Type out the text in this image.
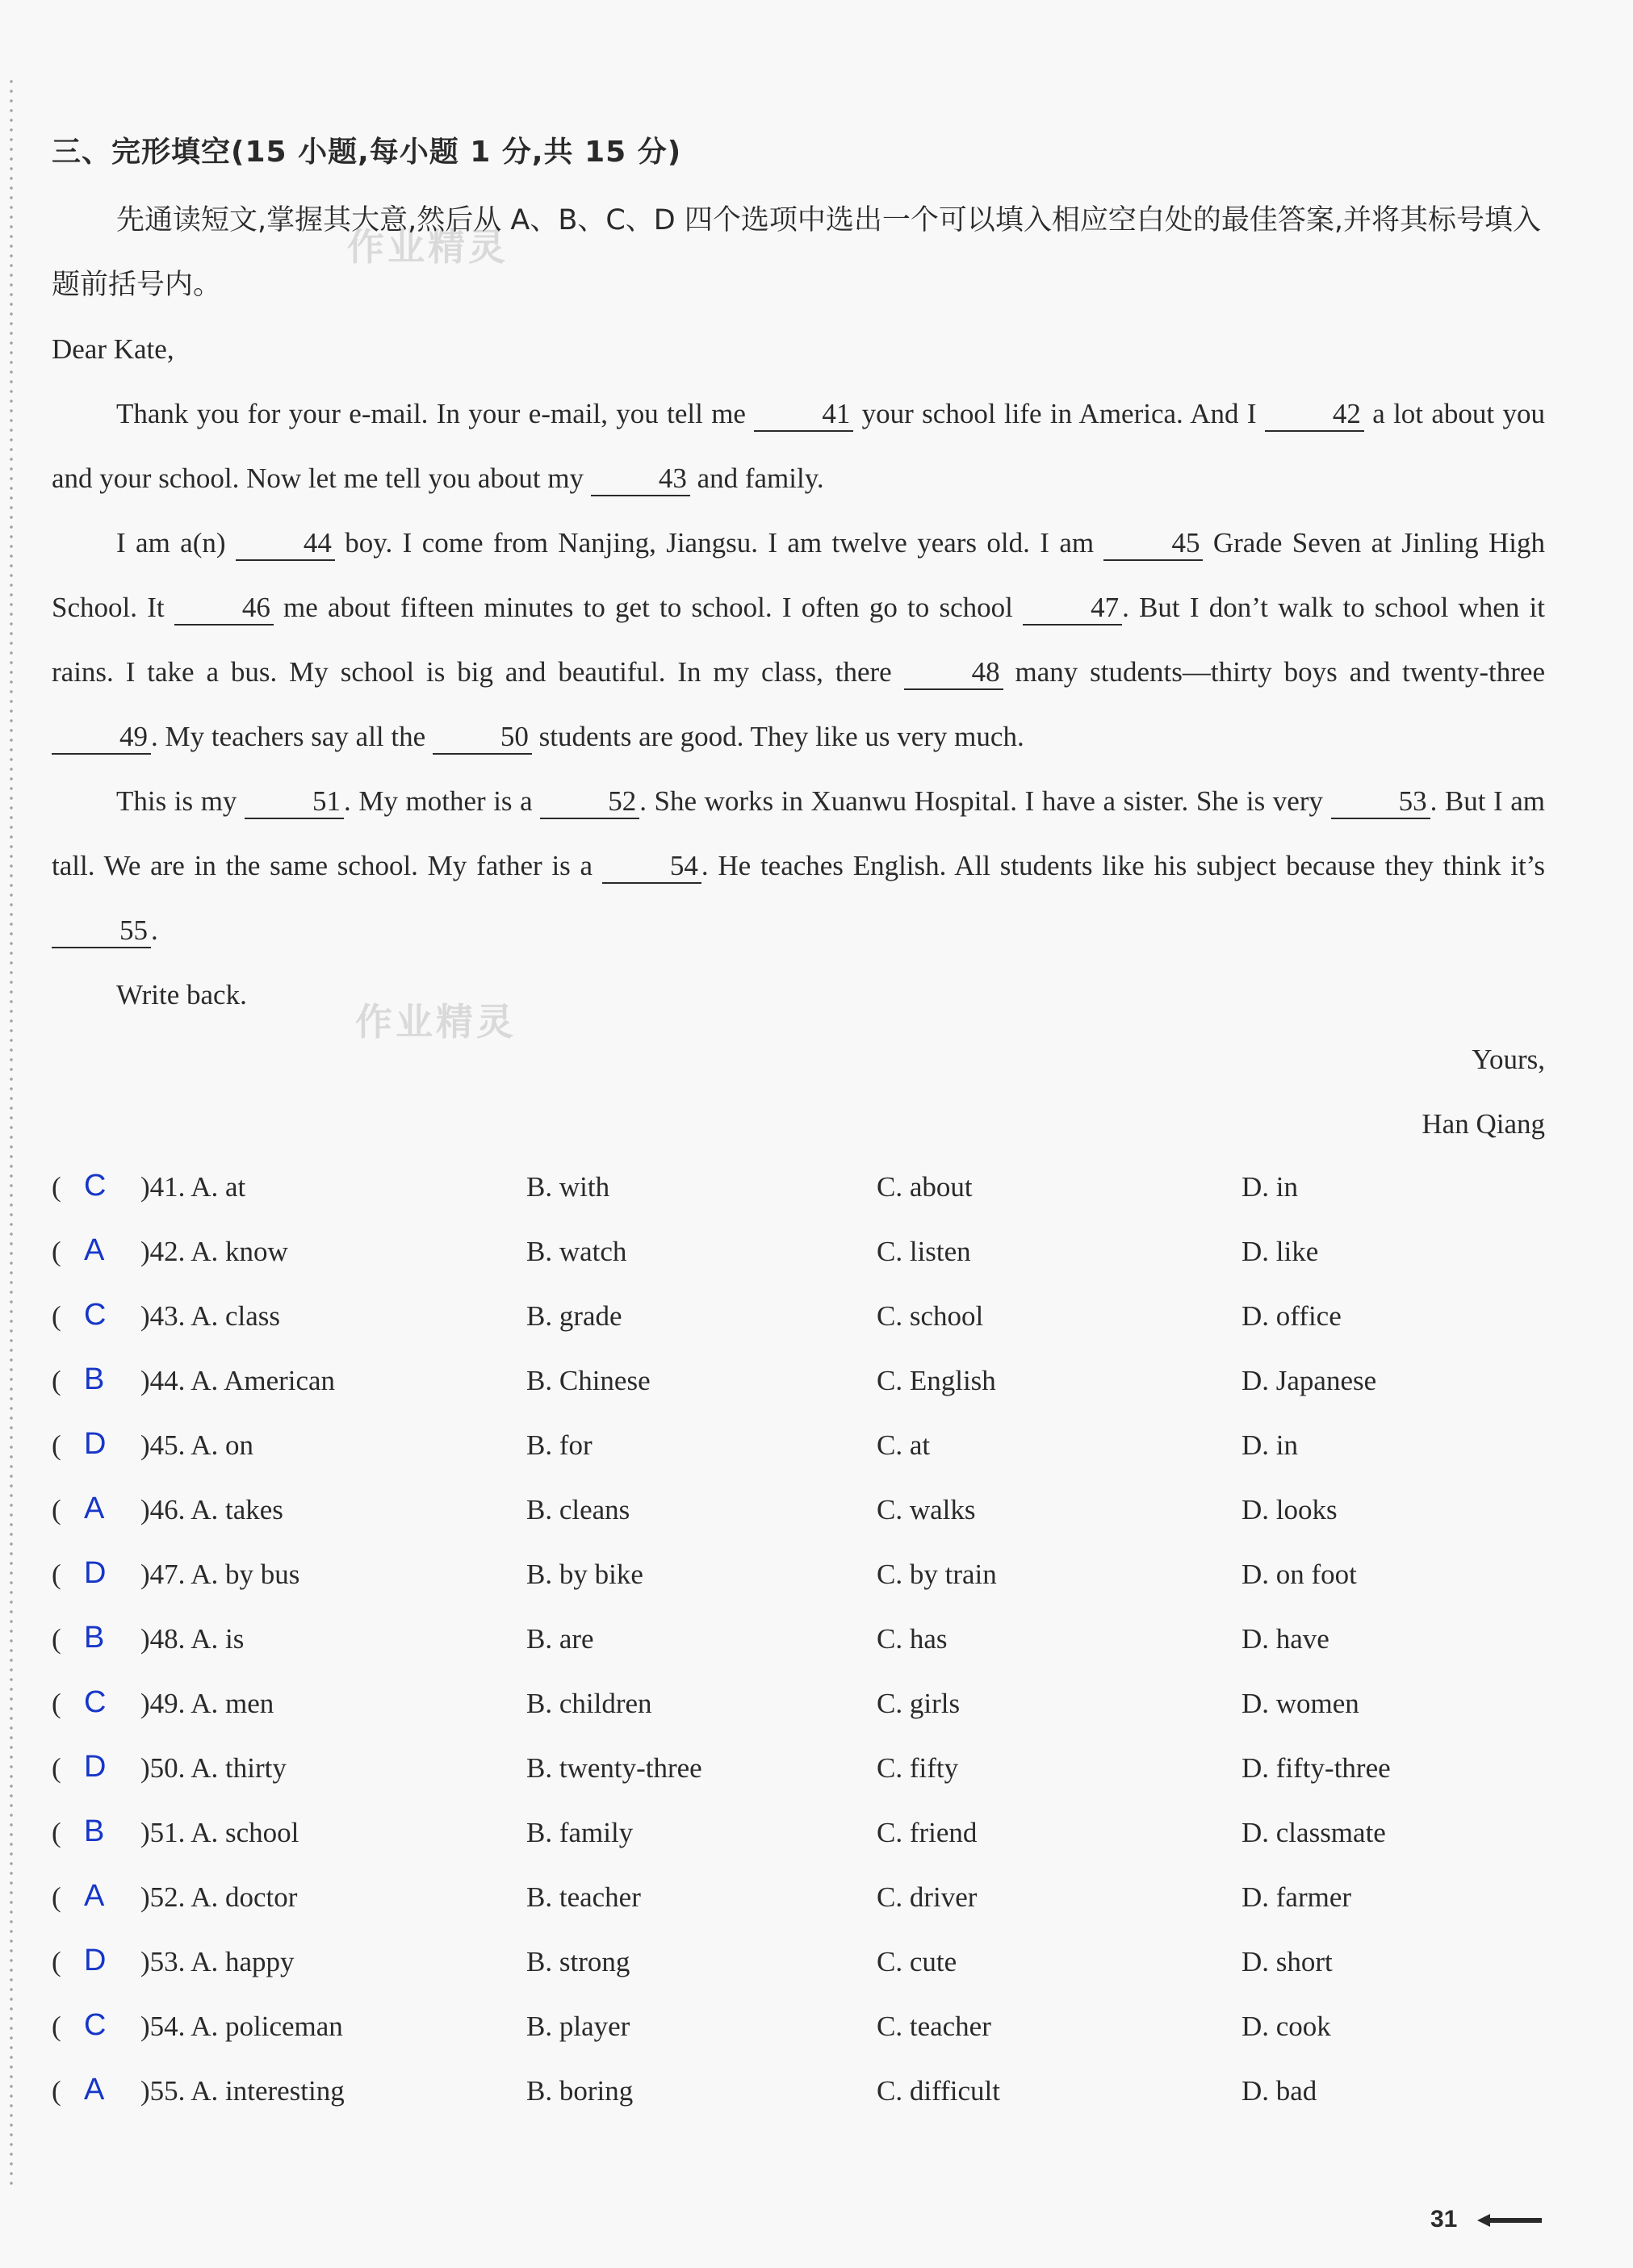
作业精灵
作业精灵

三、完形填空(15 小题,每小题 1 分,共 15 分)

先通读短文,掌握其大意,然后从 A、B、C、D 四个选项中选出一个可以填入相应空白处的最佳答案,并将其标号填入题前括号内。

Dear Kate,

Thank you for your e-mail. In your e-mail, you tell me 41 your school life in America. And I 42 a lot about you and your school. Now let me tell you about my 43 and family.

I am a(n) 44 boy. I come from Nanjing, Jiangsu. I am twelve years old. I am 45 Grade Seven at Jinling High School. It 46 me about fifteen minutes to get to school. I often go to school 47 . But I don’t walk to school when it rains. I take a bus. My school is big and beautiful. In my class, there 48 many students—thirty boys and twenty-three 49 . My teachers say all the 50 students are good. They like us very much.

This is my 51 . My mother is a 52 . She works in Xuanwu Hospital. I have a sister. She is very 53 . But I am tall. We are in the same school. My father is a 54 . He teaches English. All students like his subject because they think it’s 55 .

Write back.

Yours,

Han Qiang

( C )41. A. at	B. with	C. about	D. in
( A )42. A. know	B. watch	C. listen	D. like
( C )43. A. class	B. grade	C. school	D. office
( B )44. A. American	B. Chinese	C. English	D. Japanese
( D )45. A. on	B. for	C. at	D. in
( A )46. A. takes	B. cleans	C. walks	D. looks
( D )47. A. by bus	B. by bike	C. by train	D. on foot
( B )48. A. is	B. are	C. has	D. have
( C )49. A. men	B. children	C. girls	D. women
( D )50. A. thirty	B. twenty-three	C. fifty	D. fifty-three
( B )51. A. school	B. family	C. friend	D. classmate
( A )52. A. doctor	B. teacher	C. driver	D. farmer
( D )53. A. happy	B. strong	C. cute	D. short
( C )54. A. policeman	B. player	C. teacher	D. cook
( A )55. A. interesting	B. boring	C. difficult	D. bad
31
